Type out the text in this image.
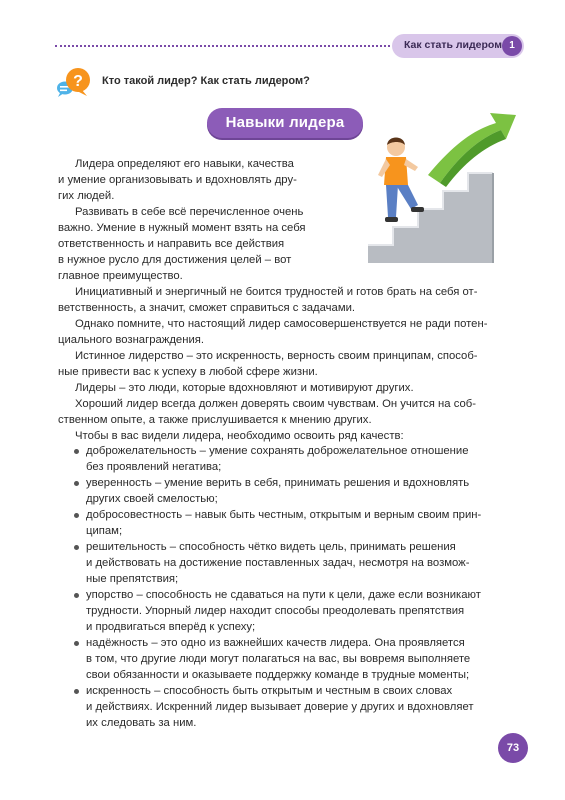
Как стать лидером 1
? Кто такой лидер? Как стать лидером?
Навыки лидера
Лидера определяют его навыки, качества
и умение организовывать и вдохновлять дру-
гих людей.
Развивать в себе всё перечисленное очень
важно. Умение в нужный момент взять на себя
ответственность и направить все действия
в нужное русло для достижения целей – вот
главное преимущество.
Инициативный и энергичный не боится трудностей и готов брать на себя от-
ветственность, а значит, сможет справиться с задачами.
Однако помните, что настоящий лидер самосовершенствуется не ради потен-
циального вознаграждения.
Истинное лидерство – это искренность, верность своим принципам, способ-
ные привести вас к успеху в любой сфере жизни.
Лидеры – это люди, которые вдохновляют и мотивируют других.
Хороший лидер всегда должен доверять своим чувствам. Он учится на соб-
ственном опыте, а также прислушивается к мнению других.
Чтобы в вас видели лидера, необходимо освоить ряд качеств:
доброжелательность – умение сохранять доброжелательное отношение
без проявлений негатива;
уверенность – умение верить в себя, принимать решения и вдохновлять
других своей смелостью;
добросовестность – навык быть честным, открытым и верным своим прин-
ципам;
решительность – способность чётко видеть цель, принимать решения
и действовать на достижение поставленных задач, несмотря на возмож-
ные препятствия;
упорство – способность не сдаваться на пути к цели, даже если возникают
трудности. Упорный лидер находит способы преодолевать препятствия
и продвигаться вперёд к успеху;
надёжность – это одно из важнейших качеств лидера. Она проявляется
в том, что другие люди могут полагаться на вас, вы вовремя выполняете
свои обязанности и оказываете поддержку команде в трудные моменты;
искренность – способность быть открытым и честным в своих словах
и действиях. Искренний лидер вызывает доверие у других и вдохновляет
их следовать за ним.
73
